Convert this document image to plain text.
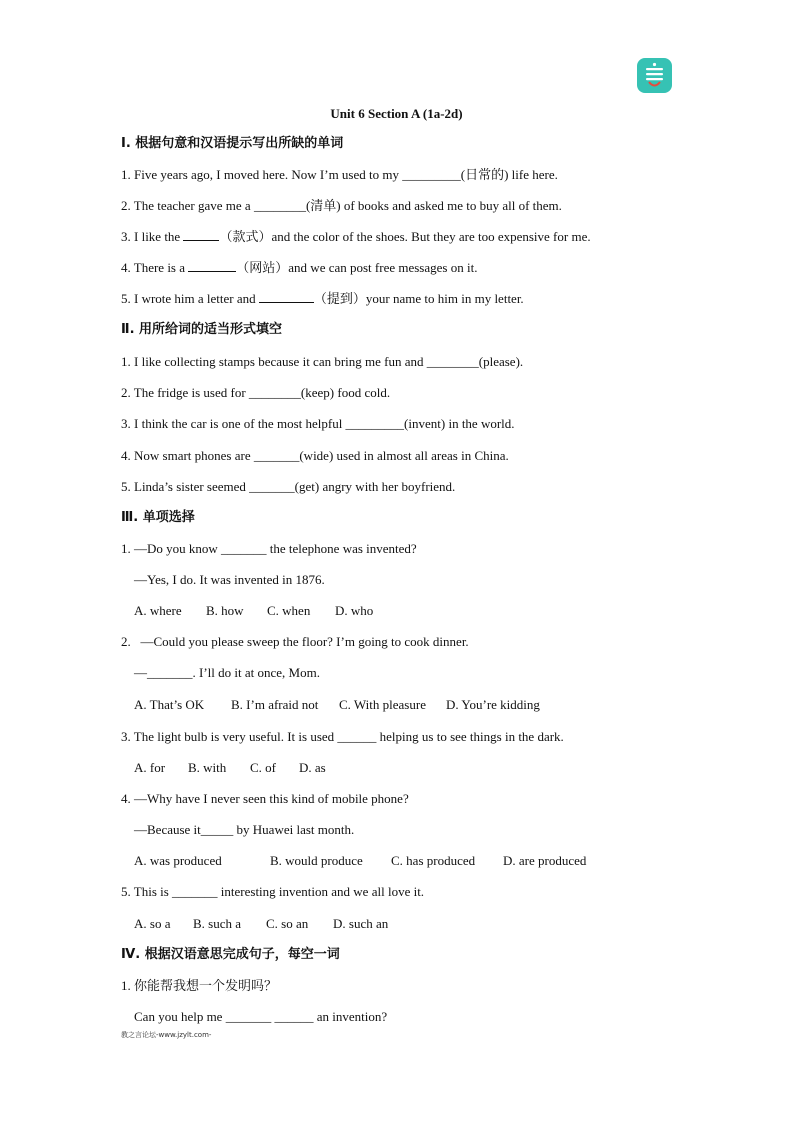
Unit 6 Section A (1a-2d)
Ⅰ. 根据句意和汉语提示写出所缺的单词
1. Five years ago, I moved here. Now I’m used to my _________(日常的) life here.
2. The teacher gave me a ________(清单) of books and asked me to buy all of them.
3. I like the	（款式）and the color of the shoes. But they are too expensive for me.
4. There is a	（网站）and we can post free messages on it.
5. I wrote him a letter and	（提到）your name to him in my letter.
Ⅱ. 用所给词的适当形式填空
1. I like collecting stamps because it can bring me fun and ________(please).
2. The fridge is used for ________(keep) food cold.
3. I think the car is one of the most helpful _________(invent) in the world.
4. Now smart phones are _______(wide) used in almost all areas in China.
5. Linda’s sister seemed _______(get) angry with her boyfriend.
Ⅲ. 单项选择
1. —Do you know _______ the telephone was invented?
—Yes, I do. It was invented in 1876.

A. where

B. how

C. when

D. who

2.   —Could you please sweep the floor? I’m going to cook dinner.
—_______. I’ll do it at once, Mom.

A. That’s OK

B. I’m afraid not

C. With pleasure

D. You’re kidding

3. The light bulb is very useful. It is used ______ helping us to see things in the dark.

A. for

B. with

C. of

D. as

4. —Why have I never seen this kind of mobile phone?
—Because it_____ by Huawei last month.

A. was produced

	B. would produce

C. has produced

D. are produced

5. This is _______ interesting invention and we all love it.

A. so a

B. such a

C. so an

D. such an

Ⅳ. 根据汉语意思完成句子，每空一词
1. 你能帮我想一个发明吗？
Can you help me _______ ______ an invention?
教之言论坛-www.jzylt.com-
